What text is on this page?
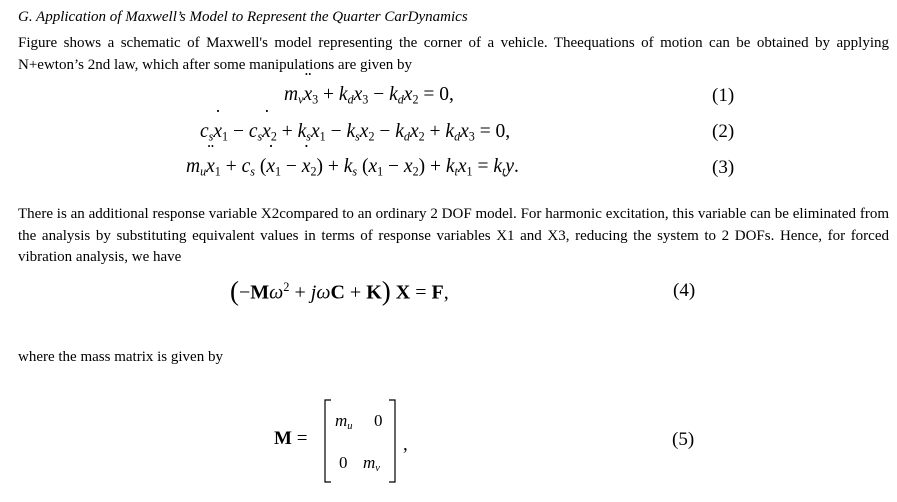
G. Application of Maxwell’s Model to Represent the Quarter CarDynamics
Figure shows a schematic of Maxwell's model representing the corner of a vehicle. Theequations of motion can be obtained by applying N+ewton’s 2nd law, which after some manipulations are given by
$m_vx$ $¨_3 + k_dx_3 - k_dx_2 = 0$,	(1)
$c_sx$ $˙_1 - c_sx$ $˙_2 + k_sx_1 - k_sx_2 - k_dx_2 + k_dx_3 = 0$,	(2)
$m_ux$ $¨_1 + c_s$ (x $˙_1 - x$ $˙_2) + k_s$ $(x_1 - x_2) + k_tx_1 = k_ty$.	(3)
There is an additional response variable X2compared to an ordinary 2 DOF model. For harmonic excitation, this variable can be eliminated from the analysis by substituting equivalent values in terms of response variables X1 and X3, reducing the system to 2 DOFs. Hence, for forced vibration analysis, we have
$(-M\omega^2 + j\omega C + K) X = F$,	(4)
where the mass matrix is given by
M =
$m_u$ 0
0 $m_v$
,	(5)
